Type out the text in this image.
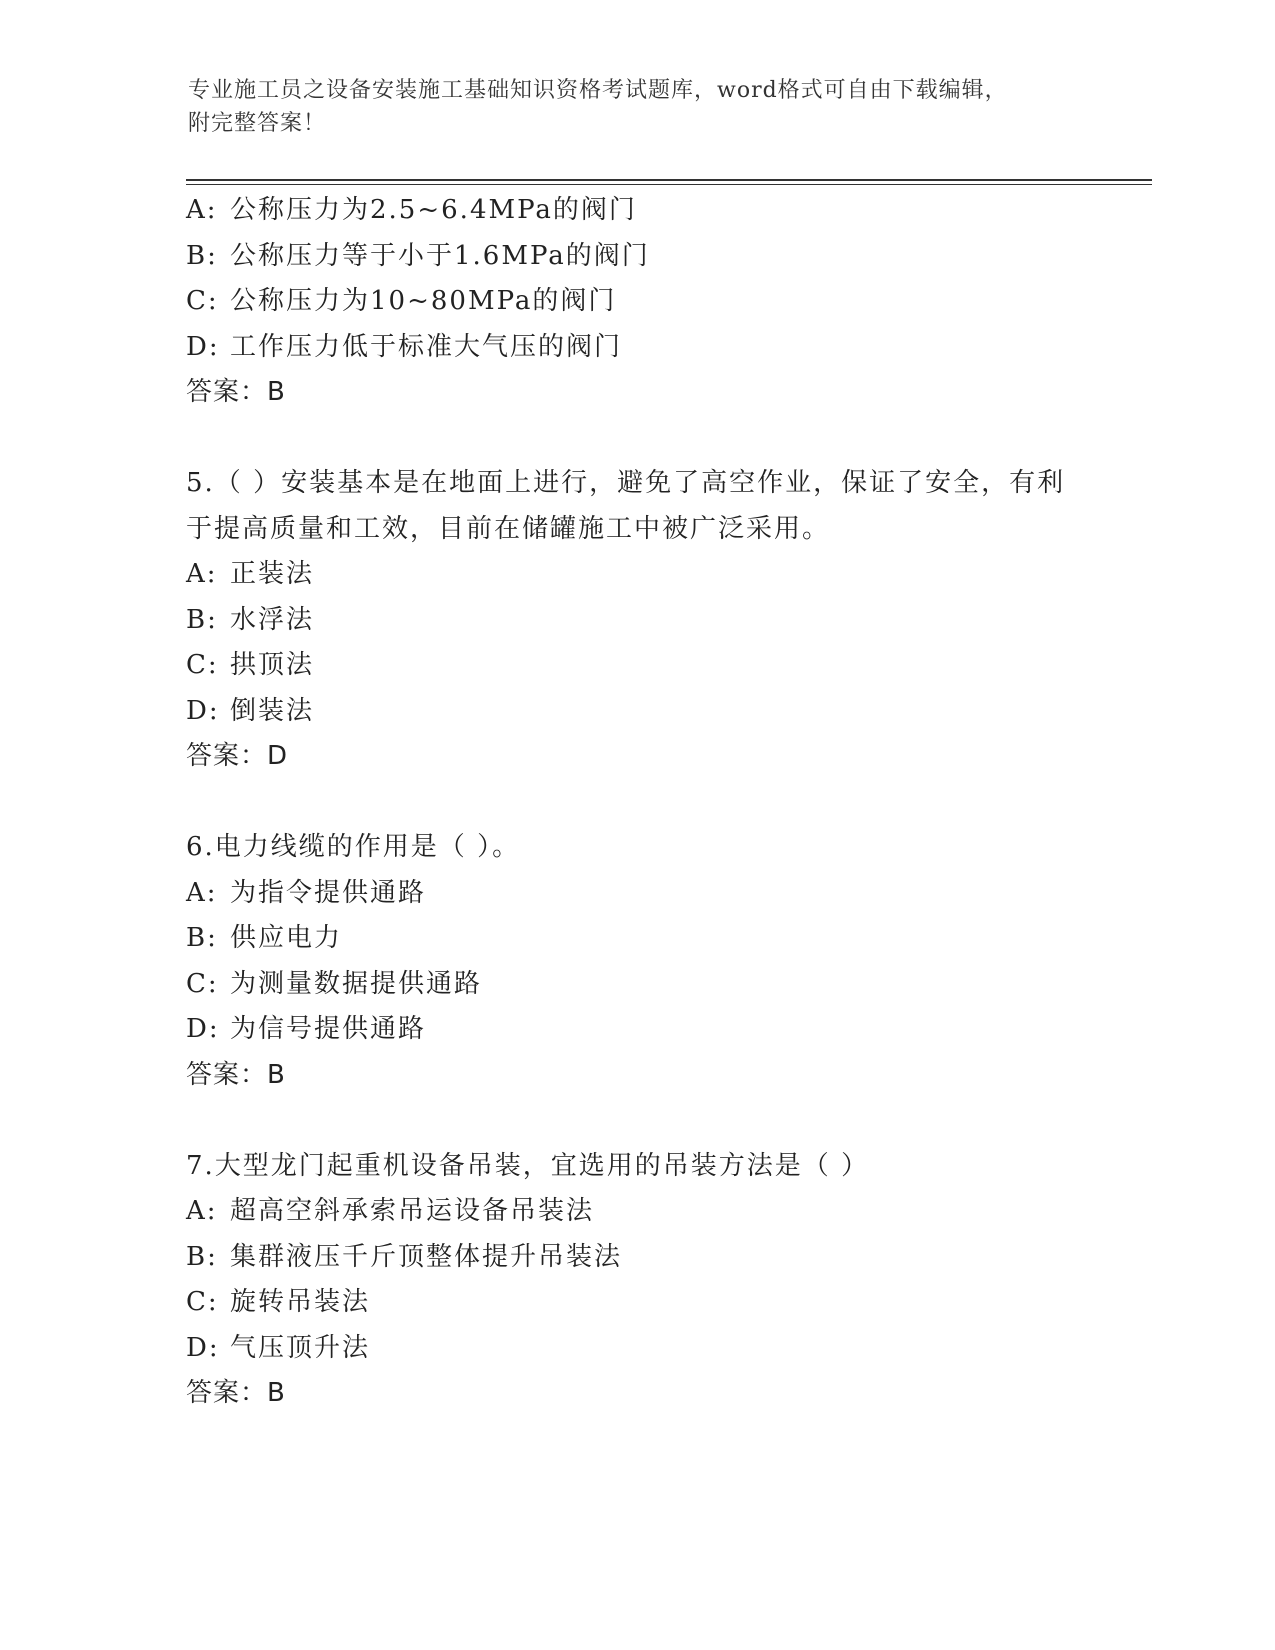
专业施工员之设备安装施工基础知识资格考试题库，word格式可自由下载编辑，
附完整答案！
A: 公称压力为2.5~6.4MPa的阀门
B: 公称压力等于小于1.6MPa的阀门
C: 公称压力为10~80MPa的阀门
D: 工作压力低于标准大气压的阀门
答案：B
5.（ ）安装基本是在地面上进行，避免了高空作业，保证了安全，有利于提高质量和工效，目前在储罐施工中被广泛采用。
A: 正装法
B: 水浮法
C: 拱顶法
D: 倒装法
答案：D
6.电力线缆的作用是（ ）。
A: 为指令提供通路
B: 供应电力
C: 为测量数据提供通路
D: 为信号提供通路
答案：B
7.大型龙门起重机设备吊装，宜选用的吊装方法是（ ）
A: 超高空斜承索吊运设备吊装法
B: 集群液压千斤顶整体提升吊装法
C: 旋转吊装法
D: 气压顶升法
答案：B
